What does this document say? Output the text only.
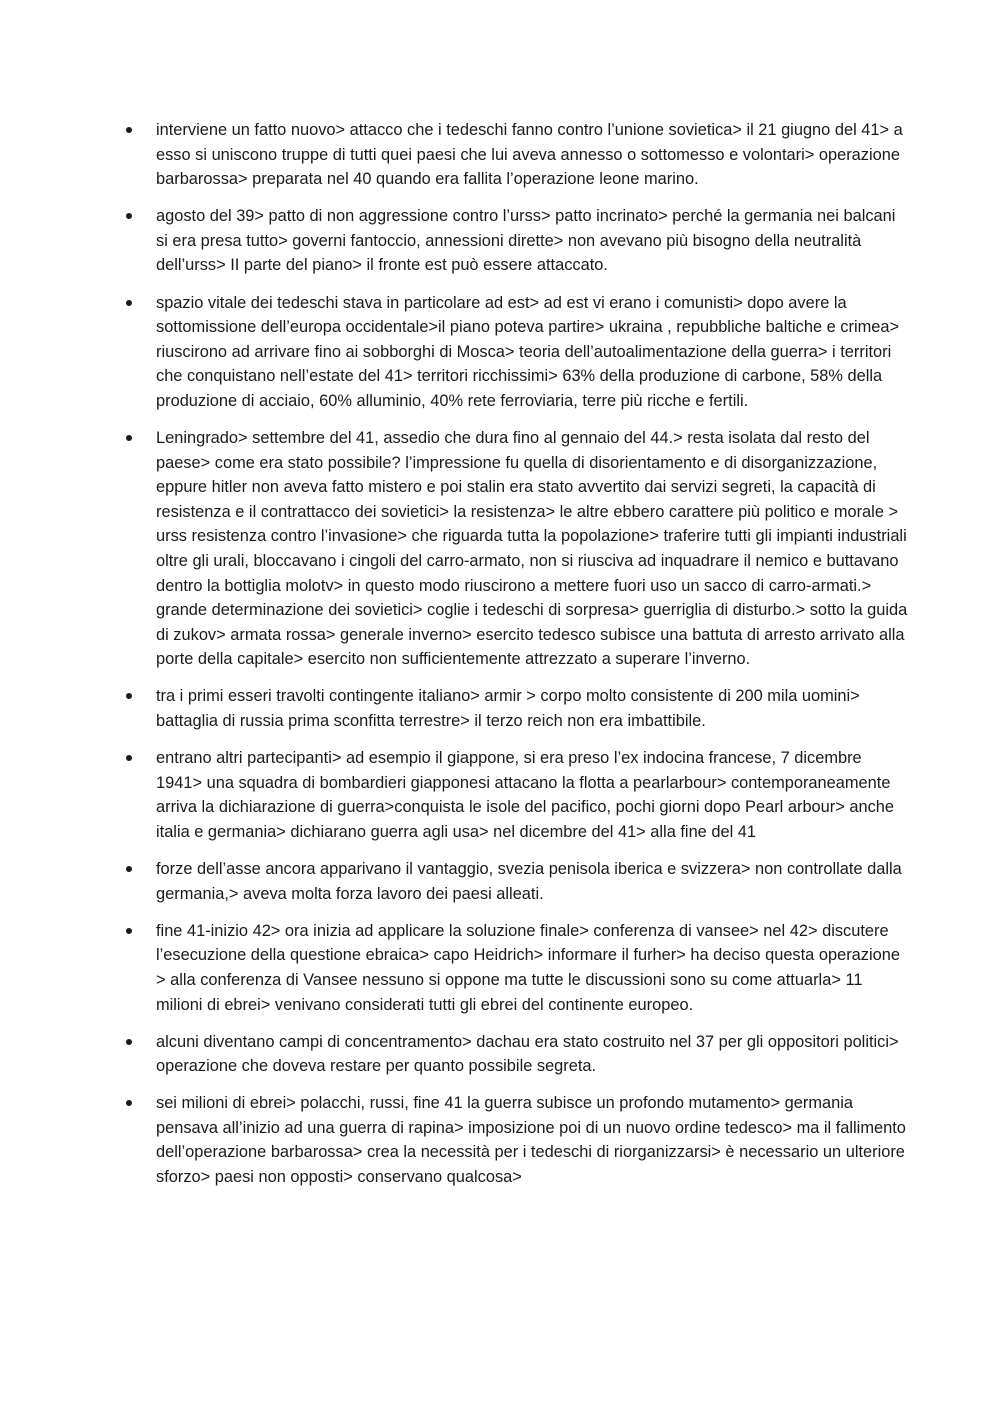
interviene un fatto nuovo> attacco che i tedeschi fanno contro l’unione sovietica> il 21 giugno del 41> a esso si uniscono truppe di tutti quei paesi che lui aveva annesso o sottomesso e volontari> operazione barbarossa> preparata nel 40 quando era fallita l’operazione leone marino.
agosto del 39> patto di non aggressione contro l’urss> patto incrinato> perché la germania nei balcani si era presa tutto> governi fantoccio, annessioni dirette> non avevano più bisogno della neutralità dell’urss> II parte del piano> il fronte est può essere attaccato.
spazio vitale dei tedeschi stava in particolare ad est> ad est vi erano i comunisti> dopo avere la sottomissione dell’europa occidentale>il piano poteva partire> ukraina , repubbliche baltiche e crimea> riuscirono ad arrivare fino ai sobborghi di Mosca> teoria dell’autoalimentazione della guerra> i territori che conquistano nell’estate del 41> territori ricchissimi> 63% della produzione di carbone, 58% della produzione di acciaio, 60% alluminio, 40% rete ferroviaria, terre più ricche e fertili.
Leningrado> settembre del 41, assedio che dura fino al gennaio del 44.> resta isolata dal resto del paese> come era stato possibile? l’impressione fu quella di disorientamento e di disorganizzazione, eppure hitler non aveva fatto mistero e poi stalin era stato avvertito dai servizi segreti, la capacità di resistenza e il contrattacco dei sovietici> la resistenza> le altre ebbero carattere più politico e morale > urss resistenza contro l’invasione> che riguarda tutta la popolazione> traferire tutti gli impianti industriali oltre gli urali, bloccavano i cingoli del carro-armato, non si riusciva ad inquadrare il nemico e buttavano dentro la bottiglia molotv> in questo modo riuscirono a mettere fuori uso un sacco di carro-armati.> grande determinazione dei sovietici> coglie i tedeschi di sorpresa> guerriglia di disturbo.> sotto la guida di zukov> armata rossa> generale inverno> esercito tedesco subisce una battuta di arresto arrivato alla porte della capitale> esercito non sufficientemente attrezzato a superare l’inverno.
tra i primi esseri travolti contingente italiano> armir > corpo molto consistente di 200 mila uomini> battaglia di russia prima sconfitta terrestre> il terzo reich non era imbattibile.
entrano altri partecipanti> ad esempio il giappone, si era preso l’ex indocina francese, 7 dicembre 1941> una squadra di bombardieri giapponesi attacano la flotta a pearlarbour> contemporaneamente arriva la dichiarazione di guerra>conquista le isole del pacifico, pochi giorni dopo Pearl arbour> anche italia e germania> dichiarano guerra agli usa> nel dicembre del 41> alla fine del 41
forze dell’asse ancora apparivano il vantaggio, svezia penisola iberica e svizzera> non controllate dalla germania,> aveva molta forza lavoro dei paesi alleati.
fine 41-inizio 42> ora inizia ad applicare la soluzione finale> conferenza di vansee> nel 42> discutere l’esecuzione della questione ebraica> capo Heidrich> informare il furher> ha deciso questa operazione > alla conferenza di Vansee nessuno si oppone ma tutte le discussioni sono su come attuarla> 11 milioni di ebrei> venivano considerati tutti gli ebrei del continente europeo.
alcuni diventano campi di concentramento> dachau era stato costruito nel 37 per gli oppositori politici> operazione che doveva restare per quanto possibile segreta.
sei milioni di ebrei> polacchi, russi, fine 41 la guerra subisce un profondo mutamento> germania pensava all’inizio ad una guerra di rapina> imposizione poi di un nuovo ordine tedesco> ma il fallimento dell’operazione barbarossa> crea la necessità per i tedeschi di riorganizzarsi> è necessario un ulteriore sforzo> paesi non opposti> conservano qualcosa>
